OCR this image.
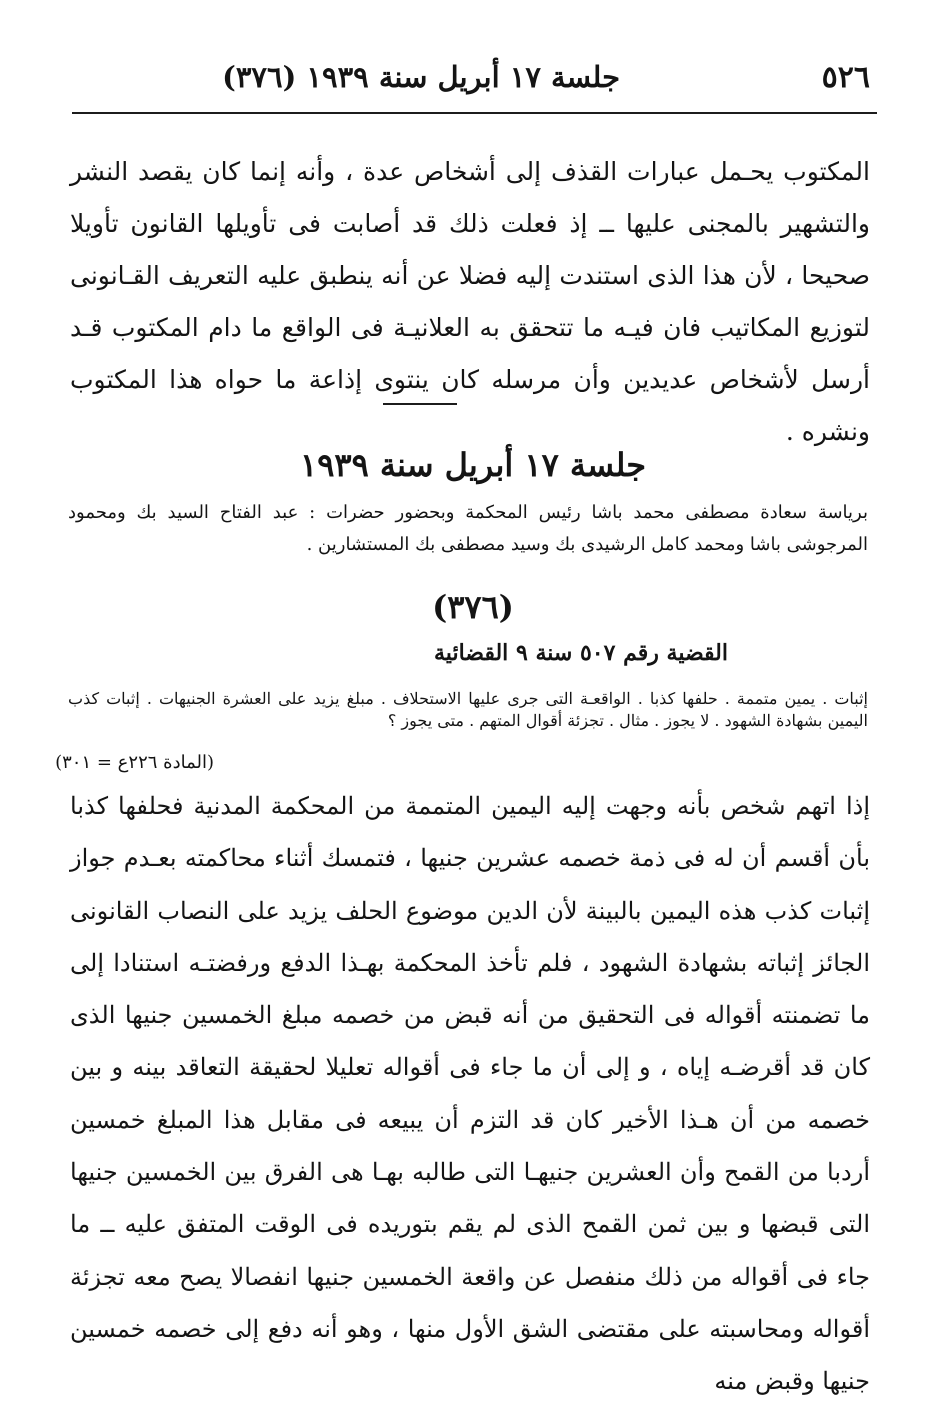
٥٢٦
جلسة ١٧ أبريل سنة ١٩٣٩ (٣٧٦)

المكتوب يحـمل عبارات القذف إلى أشخاص عدة ، وأنه إنما كان يقصد النشر والتشهير بالمجنى عليها ــ إذ فعلت ذلك قد أصابت فى تأويلها القانون تأويلا صحيحا ، لأن هذا الذى استندت إليه فضلا عن أنه ينطبق عليه التعريف القـانونى لتوزيع المكاتيب فان فيـه ما تتحقق به العلانيـة فى الواقع ما دام المكتوب قـد أرسل لأشخاص عديدين وأن مرسله كان ينتوى إذاعة ما حواه هذا المكتوب ونشره .

جلسة ١٧ أبريل سنة ١٩٣٩

برياسة سعادة مصطفى محمد باشا رئيس المحكمة وبحضور حضرات : عبد الفتاح السيد بك ومحمود المرجوشى باشا ومحمد كامل الرشيدى بك وسيد مصطفى بك المستشارين .

(٣٧٦)
القضية رقم ٥٠٧ سنة ٩ القضائية

إثبات . يمين متممة . حلفها كذبا . الواقعـة التى جرى عليها الاستحلاف . مبلغ يزيد على العشرة الجنيهات . إثبات كذب اليمين بشهادة الشهود . لا يجوز . مثال . تجزئة أقوال المتهم . متى يجوز ؟

(المادة ٢٢٦ع = ٣٠١)

إذا اتهم شخص بأنه وجهت إليه اليمين المتممة من المحكمة المدنية فحلفها كذبا بأن أقسم أن له فى ذمة خصمه عشرين جنيها ، فتمسك أثناء محاكمته بعـدم جواز إثبات كذب هذه اليمين بالبينة لأن الدين موضوع الحلف يزيد على النصاب القانونى الجائز إثباته بشهادة الشهود ، فلم تأخذ المحكمة بهـذا الدفع ورفضتـه استنادا إلى ما تضمنته أقواله فى التحقيق من أنه قبض من خصمه مبلغ الخمسين جنيها الذى كان قد أقرضـه إياه ، و إلى أن ما جاء فى أقواله تعليلا لحقيقة التعاقد بينه و بين خصمه من أن هـذا الأخير كان قد التزم أن يبيعه فى مقابل هذا المبلغ خمسين أردبا من القمح وأن العشرين جنيهـا التى طالبه بهـا هى الفرق بين الخمسين جنيها التى قبضها و بين ثمن القمح الذى لم يقم بتوريده فى الوقت المتفق عليه ــ ما جاء فى أقواله من ذلك منفصل عن واقعة الخمسين جنيها انفصالا يصح معه تجزئة أقواله ومحاسبته على مقتضى الشق الأول منها ، وهو أنه دفع إلى خصمه خمسين جنيها وقبض منه
